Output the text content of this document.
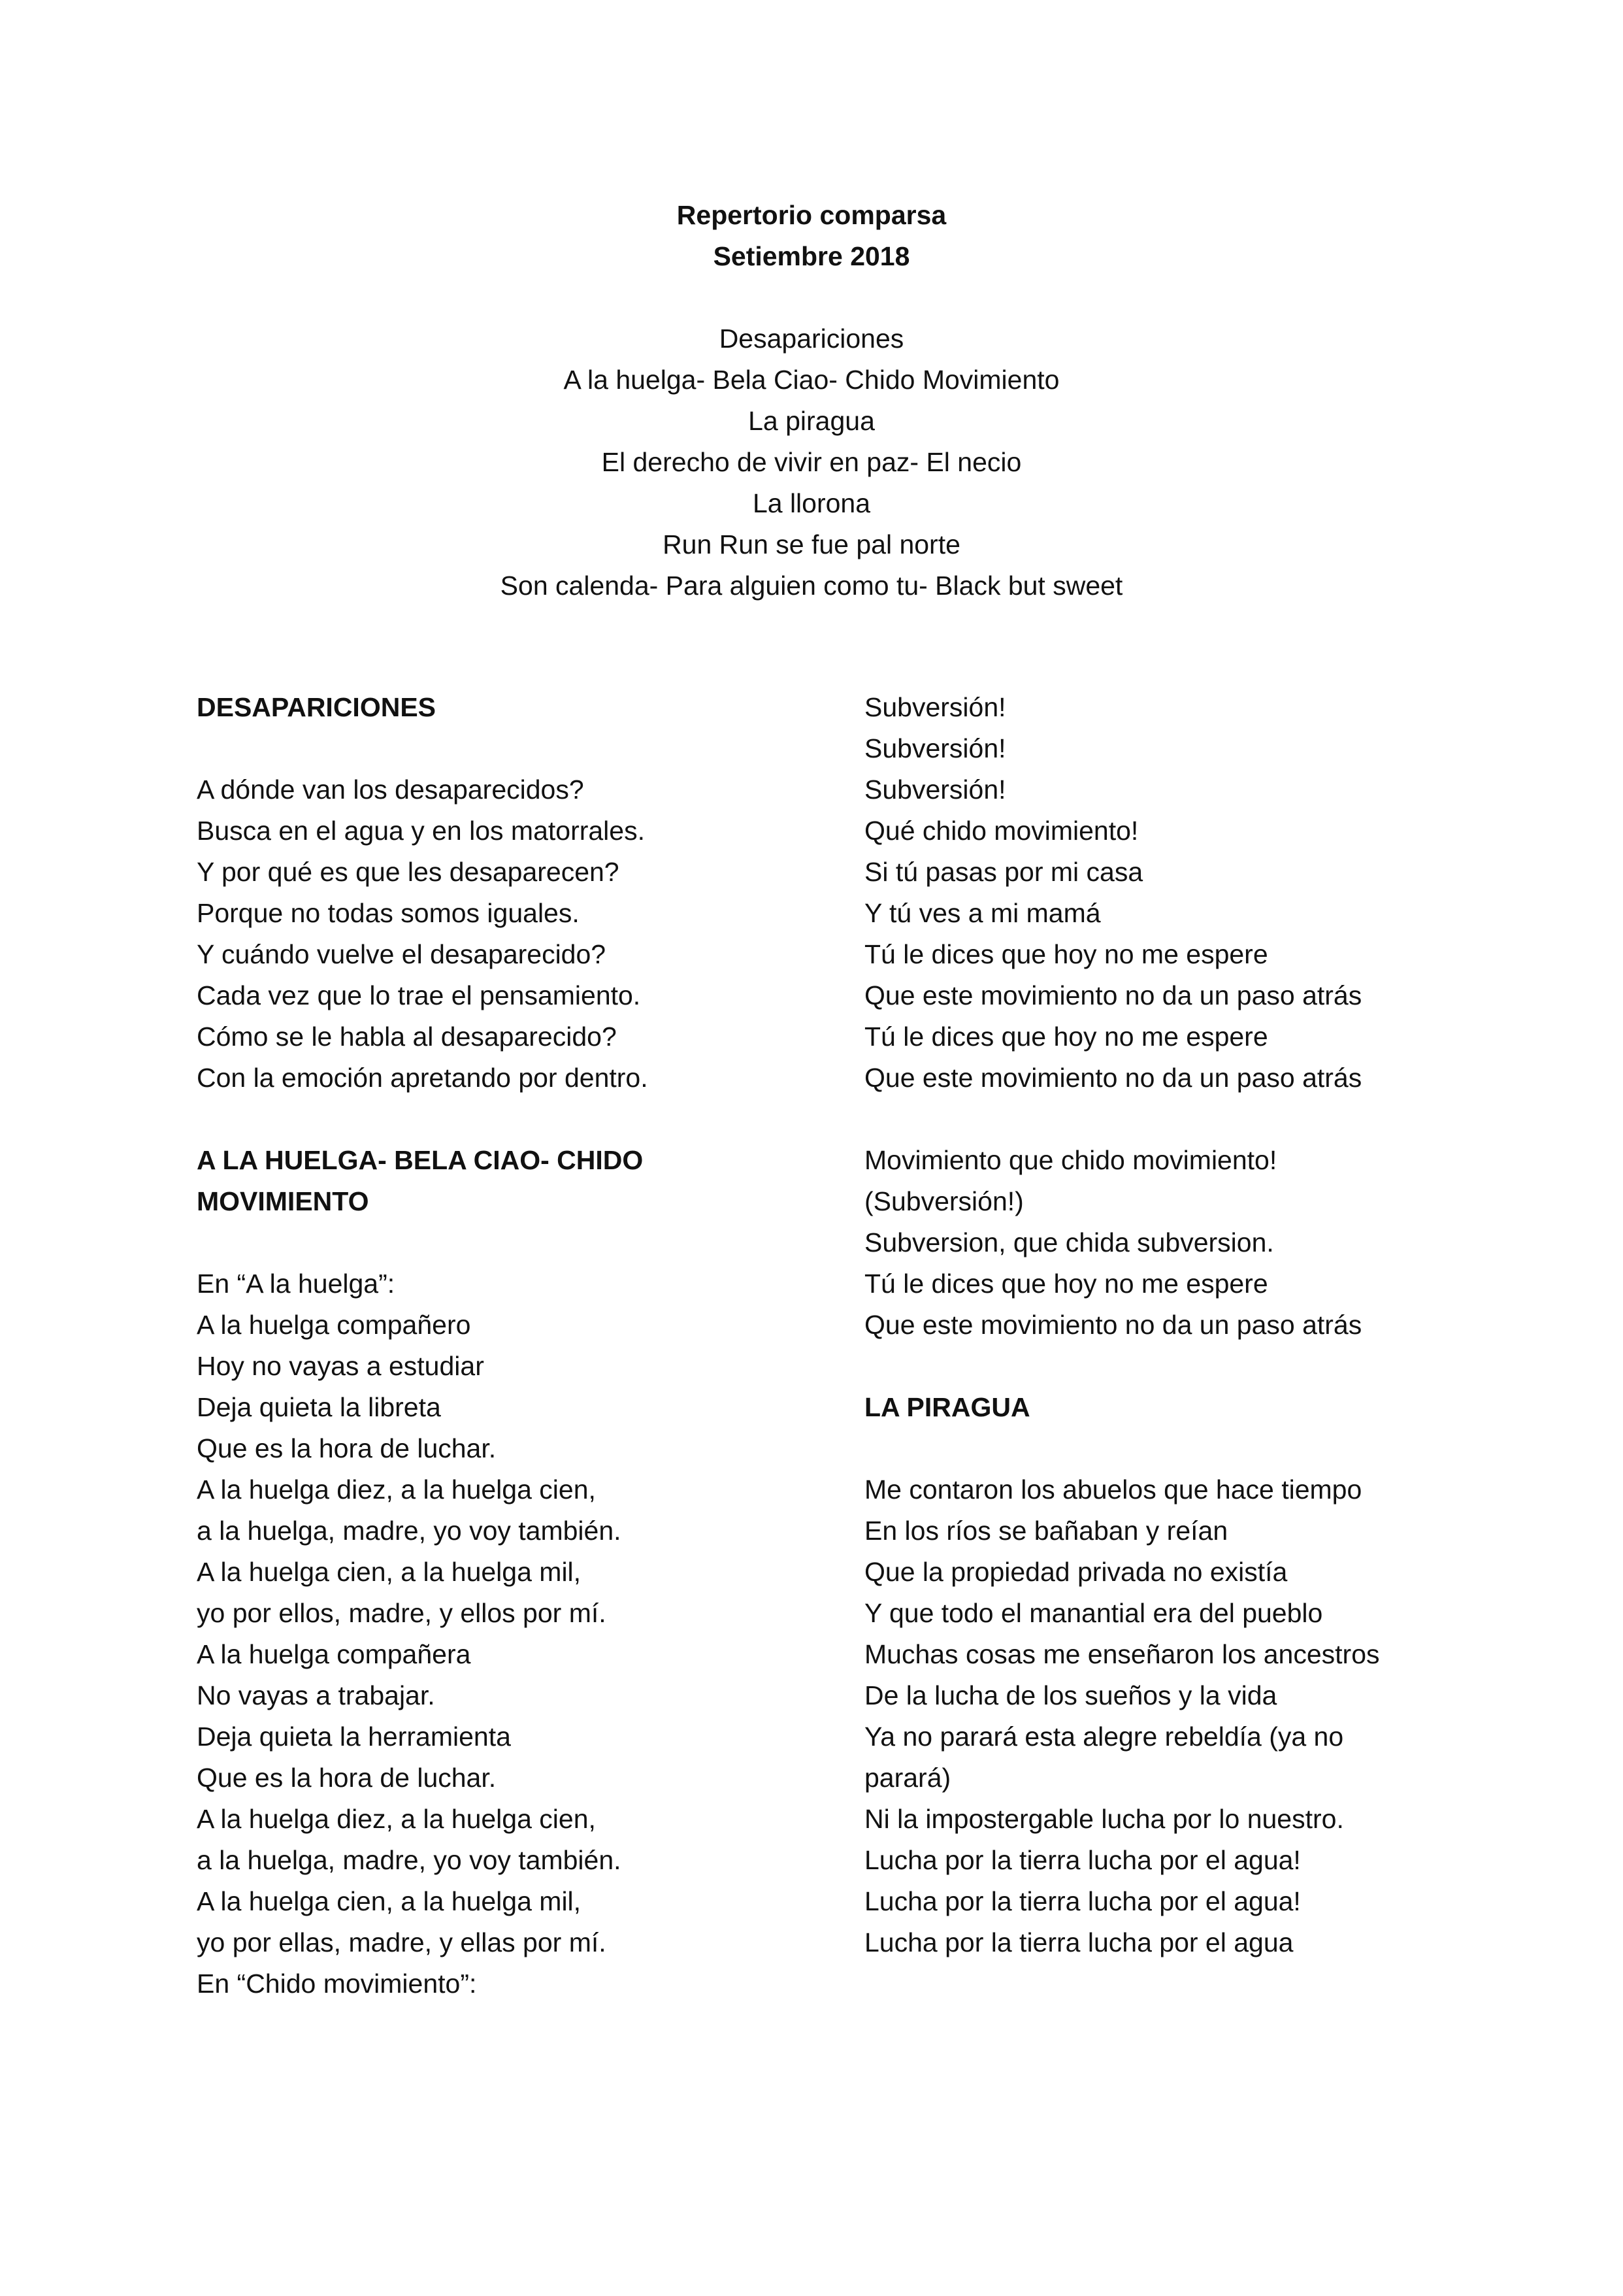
Repertorio comparsa
Setiembre 2018
Desapariciones
A la huelga- Bela Ciao- Chido Movimiento
La piragua
El derecho de vivir en paz- El necio
La llorona
Run Run se fue pal norte
Son calenda- Para alguien como tu- Black but sweet
DESAPARICIONES
A dónde van los desaparecidos?
Busca en el agua y en los matorrales.
Y por qué es que les desaparecen?
Porque no todas somos iguales.
Y cuándo vuelve el desaparecido?
Cada vez que lo trae el pensamiento.
Cómo se le habla al desaparecido?
Con la emoción apretando por dentro.
A LA HUELGA- BELA CIAO- CHIDO
MOVIMIENTO
En “A la huelga”:
A la huelga compañero
Hoy no vayas a estudiar
Deja quieta la libreta
Que es la hora de luchar.
A la huelga diez, a la huelga cien,
a la huelga, madre, yo voy también.
A la huelga cien, a la huelga mil,
yo por ellos, madre, y ellos por mí.
A la huelga compañera
No vayas a trabajar.
Deja quieta la herramienta
Que es la hora de luchar.
A la huelga diez, a la huelga cien,
a la huelga, madre, yo voy también.
A la huelga cien, a la huelga mil,
yo por ellas, madre, y ellas por mí.
En “Chido movimiento”:
Subversión!
Subversión!
Subversión!
Qué chido movimiento!
Si tú pasas por mi casa
Y tú ves a mi mamá
Tú le dices que hoy no me espere
Que este movimiento no da un paso atrás
Tú le dices que hoy no me espere
Que este movimiento no da un paso atrás
Movimiento que chido movimiento!
(Subversión!)
Subversion, que chida subversion.
Tú le dices que hoy no me espere
Que este movimiento no da un paso atrás
LA PIRAGUA
Me contaron los abuelos que hace tiempo
En los ríos se bañaban y reían
Que la propiedad privada no existía
Y que todo el manantial era del pueblo
Muchas cosas me enseñaron los ancestros
De la lucha de los sueños y la vida
Ya no parará esta alegre rebeldía (ya no
parará)
Ni la impostergable lucha por lo nuestro.
Lucha por la tierra lucha por el agua!
Lucha por la tierra lucha por el agua!
Lucha por la tierra lucha por el agua
